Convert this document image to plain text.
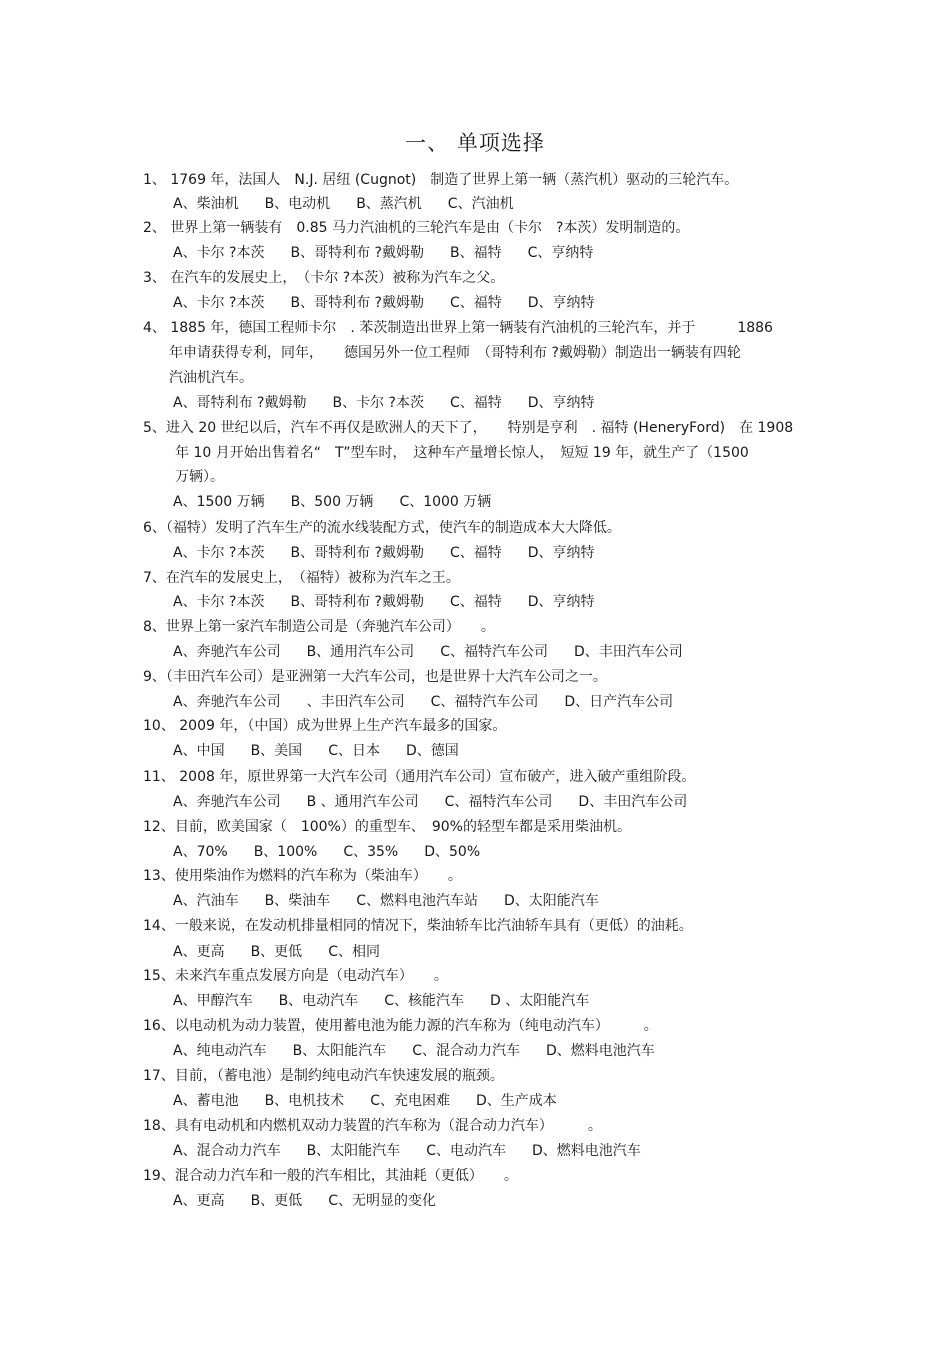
一、 单项选择
1、 1769 年，法国人　N.J. 居纽 (Cugnot)　制造了世界上第一辆（蒸汽机）驱动的三轮汽车。
A、柴油机 B、电动机 B、蒸汽机 C、汽油机
2、 世界上第一辆装有　0.85 马力汽油机的三轮汽车是由（卡尔　?本茨）发明制造的。
A、卡尔 ?本茨 B、哥特利布 ?戴姆勒 B、福特 C、亨纳特
3、 在汽车的发展史上，　（卡尔 ?本茨）被称为汽车之父。
A、卡尔 ?本茨 B、哥特利布 ?戴姆勒 C、福特 D、亨纳特
4、 1885 年，德国工程师卡尔　. 苯茨制造出世界上第一辆装有汽油机的三轮汽车，并于　　　1886
年申请获得专利，同年，　　德国另外一位工程师　（哥特利布 ?戴姆勒）制造出一辆装有四轮
汽油机汽车。
A、哥特利布 ?戴姆勒 B、卡尔 ?本茨 C、福特 D、亨纳特
5、进入 20 世纪以后，汽车不再仅是欧洲人的天下了，　　特别是亨利　. 福特 (HeneryFord)　在 1908
年 10 月开始出售着名“　T”型车时，　这种车产量增长惊人，　短短 19 年，就生产了（1500
万辆）。
A、1500 万辆 B、500 万辆 C、1000 万辆
6、（福特）发明了汽车生产的流水线装配方式，使汽车的制造成本大大降低。
A、卡尔 ?本茨 B、哥特利布 ?戴姆勒 C、福特 D、亨纳特
7、在汽车的发展史上，　（福特）被称为汽车之王。
A、卡尔 ?本茨 B、哥特利布 ?戴姆勒 C、福特 D、亨纳特
8、世界上第一家汽车制造公司是（奔驰汽车公司）　　。
A、奔驰汽车公司 B、通用汽车公司 C、福特汽车公司 D、丰田汽车公司
9、（丰田汽车公司）是亚洲第一大汽车公司，也是世界十大汽车公司之一。
A、奔驰汽车公司 、丰田汽车公司 C、福特汽车公司 D、日产汽车公司
10、 2009 年，（中国）成为世界上生产汽车最多的国家。
A、中国 B、美国 C、日本 D、德国
11、 2008 年，原世界第一大汽车公司（通用汽车公司）宣布破产，进入破产重组阶段。
A、奔驰汽车公司 B 、通用汽车公司 C、福特汽车公司 D、丰田汽车公司
12、目前，欧美国家（　100%）的重型车、　90%的轻型车都是采用柴油机。
A、70% B、100% C、35% D、50%
13、使用柴油作为燃料的汽车称为（柴油车）　　。
A、汽油车 B、柴油车 C、燃料电池汽车站 D、太阳能汽车
14、一般来说，在发动机排量相同的情况下，柴油轿车比汽油轿车具有（更低）的油耗。
A、更高 B、更低 C、相同
15、未来汽车重点发展方向是（电动汽车）　　。
A、甲醇汽车 B、电动汽车 C、核能汽车 D 、太阳能汽车
16、以电动机为动力装置，使用蓄电池为能力源的汽车称为（纯电动汽车）　　　。
A、纯电动汽车 B、太阳能汽车 C、混合动力汽车 D、燃料电池汽车
17、目前，（蓄电池）是制约纯电动汽车快速发展的瓶颈。
A、蓄电池 B、电机技术 C、充电困难 D、生产成本
18、具有电动机和内燃机双动力装置的汽车称为（混合动力汽车）　　　。
A、混合动力汽车 B、太阳能汽车 C、电动汽车 D、燃料电池汽车
19、混合动力汽车和一般的汽车相比，其油耗（更低）　　。
A、更高 B、更低 C、无明显的变化
